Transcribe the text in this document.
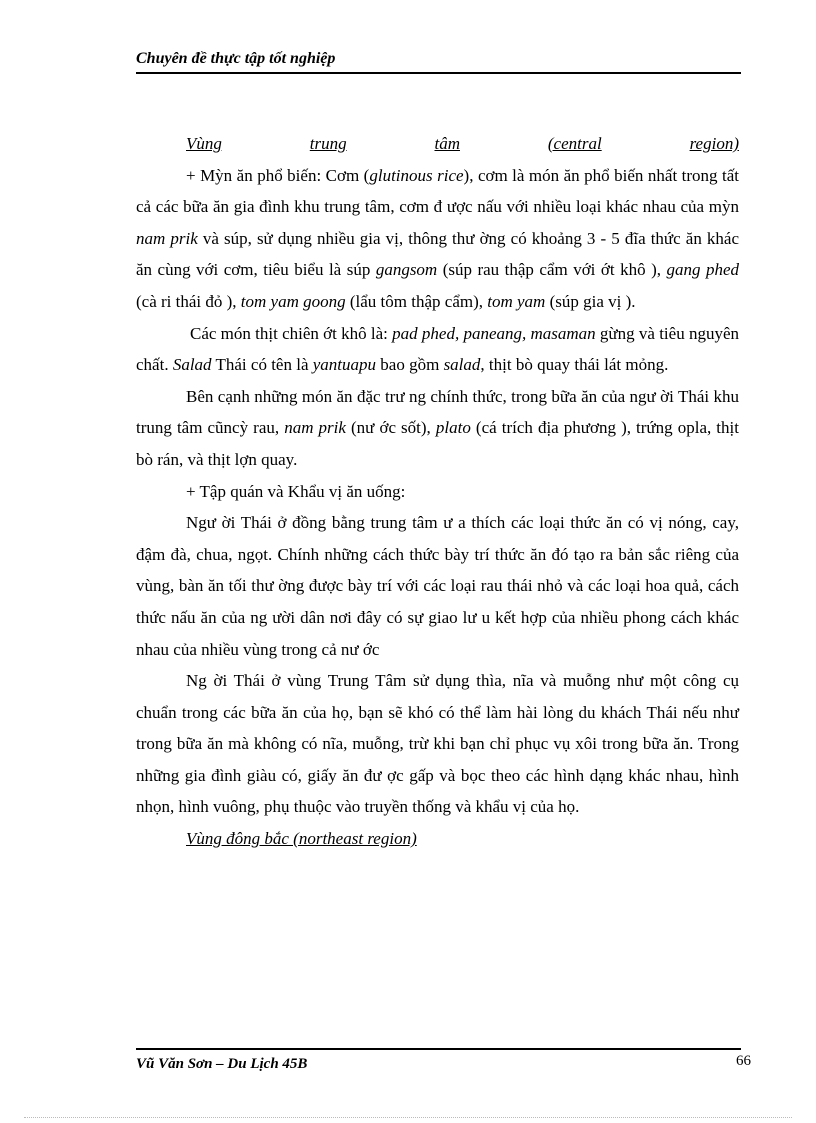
Chuyên đề thực tập tốt nghiệp
Vùng	trung	tâm	(central	region)

+ Mỳn ăn phổ biến: Cơm (glutinous rice), cơm là món ăn phổ biến nhất trong tất cả các bữa ăn gia đình khu trung tâm, cơm đ ược nấu với nhiều loại khác nhau của mỳn nam prik và súp, sử dụng nhiều gia vị, thông thư ờng có khoảng 3 - 5 đĩa thức ăn khác ăn cùng với cơm, tiêu biểu là súp gangsom (súp rau thập cẩm với ớt khô ), gang phed (cà ri thái đỏ ), tom yam goong (lẩu tôm thập cẩm), tom yam (súp gia vị ).

Các món thịt chiên ớt khô là: pad phed, paneang, masaman gừng và tiêu nguyên chất. Salad Thái có tên là yantuapu bao gồm salad, thịt bò quay thái lát mỏng.

Bên cạnh những món ăn đặc trư ng chính thức, trong bữa ăn của ngư ời Thái khu trung tâm cũncỳ rau, nam prik (nư ớc sốt), plato (cá trích địa phương ), trứng opla, thịt bò rán, và thịt lợn quay.

+ Tập quán và Khẩu vị ăn uống:

Ngư ời Thái ở đồng bằng trung tâm ư a thích các loại thức ăn có vị nóng, cay, đậm đà, chua, ngọt. Chính những cách thức bày trí thức ăn đó tạo ra bản sắc riêng của vùng, bàn ăn tối thư ờng được bày trí với các loại rau thái nhỏ và các loại hoa quả, cách thức nấu ăn của ng ười dân nơi đây có sự giao lư u kết hợp của nhiều phong cách khác nhau của nhiều vùng trong cả nư ớc

Ng ời Thái ở vùng Trung Tâm sử dụng thìa, nĩa và muỗng như một công cụ chuẩn trong các bữa ăn của họ, bạn sẽ khó có thể làm hài lòng du khách Thái nếu như trong bữa ăn mà không có nĩa, muỗng, trừ khi bạn chỉ phục vụ xôi trong bữa ăn. Trong những gia đình giàu có, giấy ăn đư ợc gấp và bọc theo các hình dạng khác nhau, hình nhọn, hình vuông, phụ thuộc vào truyền thống và khẩu vị của họ.

Vùng đông bắc (northeast region)

Vũ Văn Sơn – Du Lịch 45B	66
